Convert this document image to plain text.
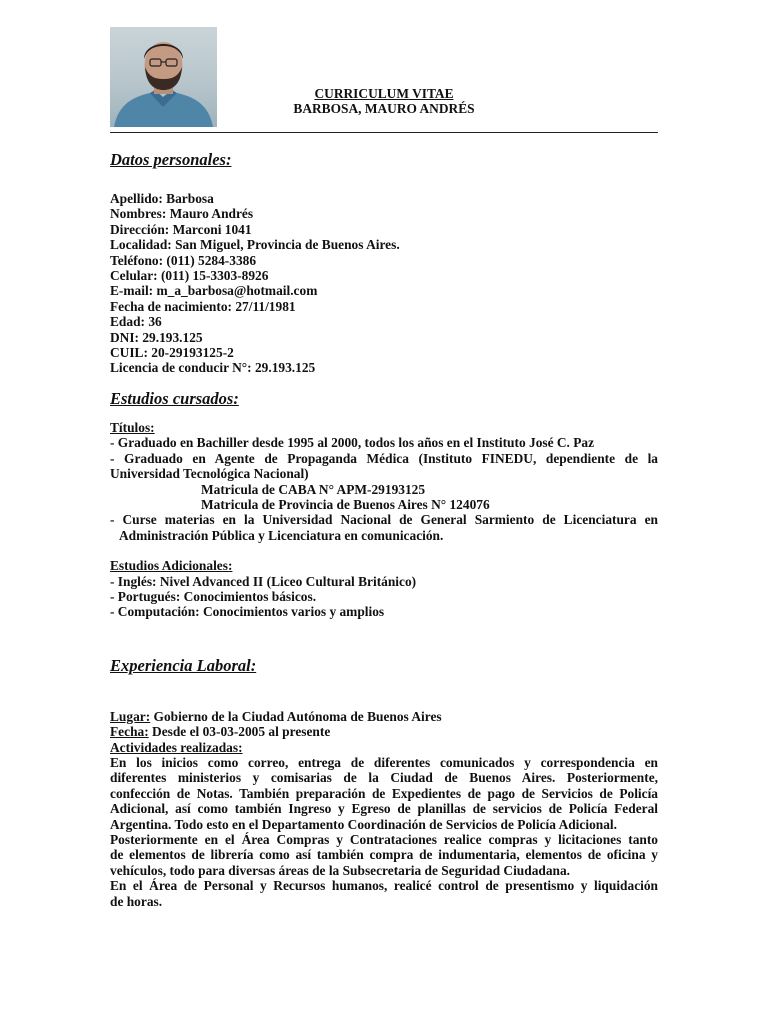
CURRICULUM VITAE
BARBOSA, MAURO ANDRÉS
Datos personales:
Apellido: Barbosa
Nombres: Mauro Andrés
Dirección: Marconi 1041
Localidad: San Miguel, Provincia de Buenos Aires.
Teléfono: (011) 5284-3386
Celular: (011) 15-3303-8926
E-mail: m_a_barbosa@hotmail.com
Fecha de nacimiento: 27/11/1981
Edad: 36
DNI: 29.193.125
CUIL: 20-29193125-2
Licencia de conducir N°: 29.193.125
Estudios cursados:
Títulos:
- Graduado en Bachiller desde 1995 al 2000, todos los años en el Instituto José C. Paz
- Graduado en Agente de Propaganda Médica (Instituto FINEDU, dependiente de la
Universidad Tecnológica Nacional)
Matricula de CABA N° APM-29193125
Matricula de Provincia de Buenos Aires N° 124076
- Curse materias en la Universidad Nacional de General Sarmiento de Licenciatura en
Administración Pública y Licenciatura en comunicación.
Estudios Adicionales:
- Inglés: Nivel Advanced II (Liceo Cultural Británico)
- Portugués: Conocimientos básicos.
- Computación: Conocimientos varios y amplios
Experiencia Laboral:
Lugar: Gobierno de la Ciudad Autónoma de Buenos Aires
Fecha: Desde el 03-03-2005 al presente
Actividades realizadas:
En los inicios como correo, entrega de diferentes comunicados y correspondencia en
diferentes ministerios y comisarias de la Ciudad de Buenos Aires. Posteriormente,
confección de Notas. También preparación de Expedientes de pago de Servicios de Policía
Adicional, así como también Ingreso y Egreso de planillas de servicios de Policía Federal
Argentina. Todo esto en el Departamento Coordinación de Servicios de Policía Adicional.
Posteriormente en el Área Compras y Contrataciones realice compras y licitaciones tanto
de elementos de librería como así también compra de indumentaria, elementos de oficina y
vehículos, todo para diversas áreas de la Subsecretaria de Seguridad Ciudadana.
En el Área de Personal y Recursos humanos, realicé control de presentismo y liquidación
de horas.
